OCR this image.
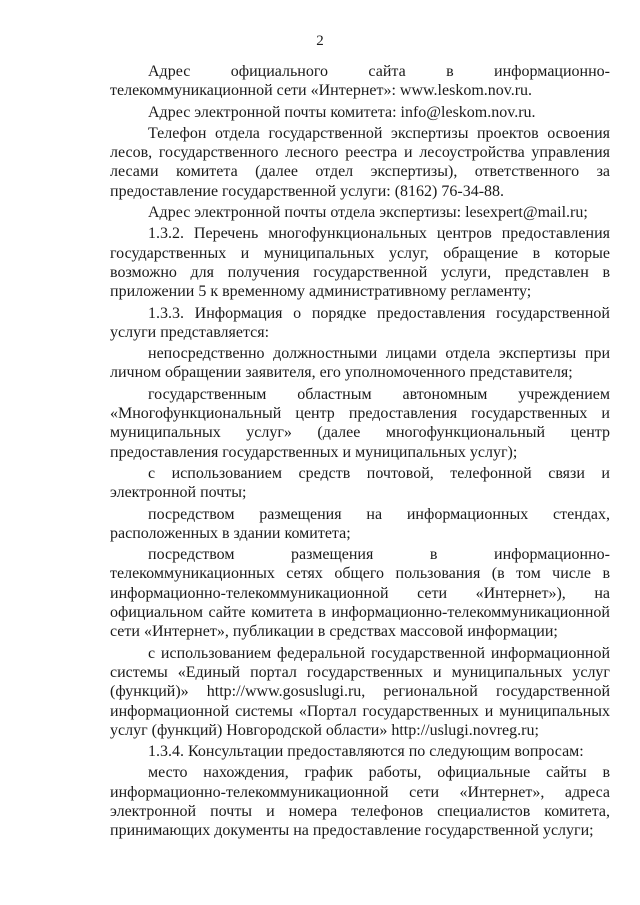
2

Адрес официального сайта в информационно-телекоммуникационной сети «Интернет»: www.leskom.nov.ru.

Адрес электронной почты комитета: info@leskom.nov.ru.

Телефон отдела государственной экспертизы проектов освоения лесов, государственного лесного реестра и лесоустройства управления лесами комитета (далее отдел экспертизы), ответственного за предоставление государственной услуги: (8162) 76-34-88.

Адрес электронной почты отдела экспертизы: lesexpert@mail.ru;

1.3.2. Перечень многофункциональных центров предоставления государственных и муниципальных услуг, обращение в которые возможно для получения государственной услуги, представлен в приложении 5 к временному административному регламенту;

1.3.3. Информация о порядке предоставления государственной услуги представляется:

непосредственно должностными лицами отдела экспертизы при личном обращении заявителя, его уполномоченного представителя;

государственным областным автономным учреждением «Многофункциональный центр предоставления государственных и муниципальных услуг» (далее многофункциональный центр предоставления государственных и муниципальных услуг);

с использованием средств почтовой, телефонной связи и электронной почты;

посредством размещения на информационных стендах, расположенных в здании комитета;

посредством размещения в информационно-телекоммуникационных сетях общего пользования (в том числе в информационно-телекоммуникационной сети «Интернет»), на официальном сайте комитета в информационно-телекоммуникационной сети «Интернет», публикации в средствах массовой информации;

с использованием федеральной государственной информационной системы «Единый портал государственных и муниципальных услуг (функций)» http://www.gosuslugi.ru, региональной государственной информационной системы «Портал государственных и муниципальных услуг (функций) Новгородской области» http://uslugi.novreg.ru;

1.3.4. Консультации предоставляются по следующим вопросам:

место нахождения, график работы, официальные сайты в информационно-телекоммуникационной сети «Интернет», адреса электронной почты и номера телефонов специалистов комитета, принимающих документы на предоставление государственной услуги;
